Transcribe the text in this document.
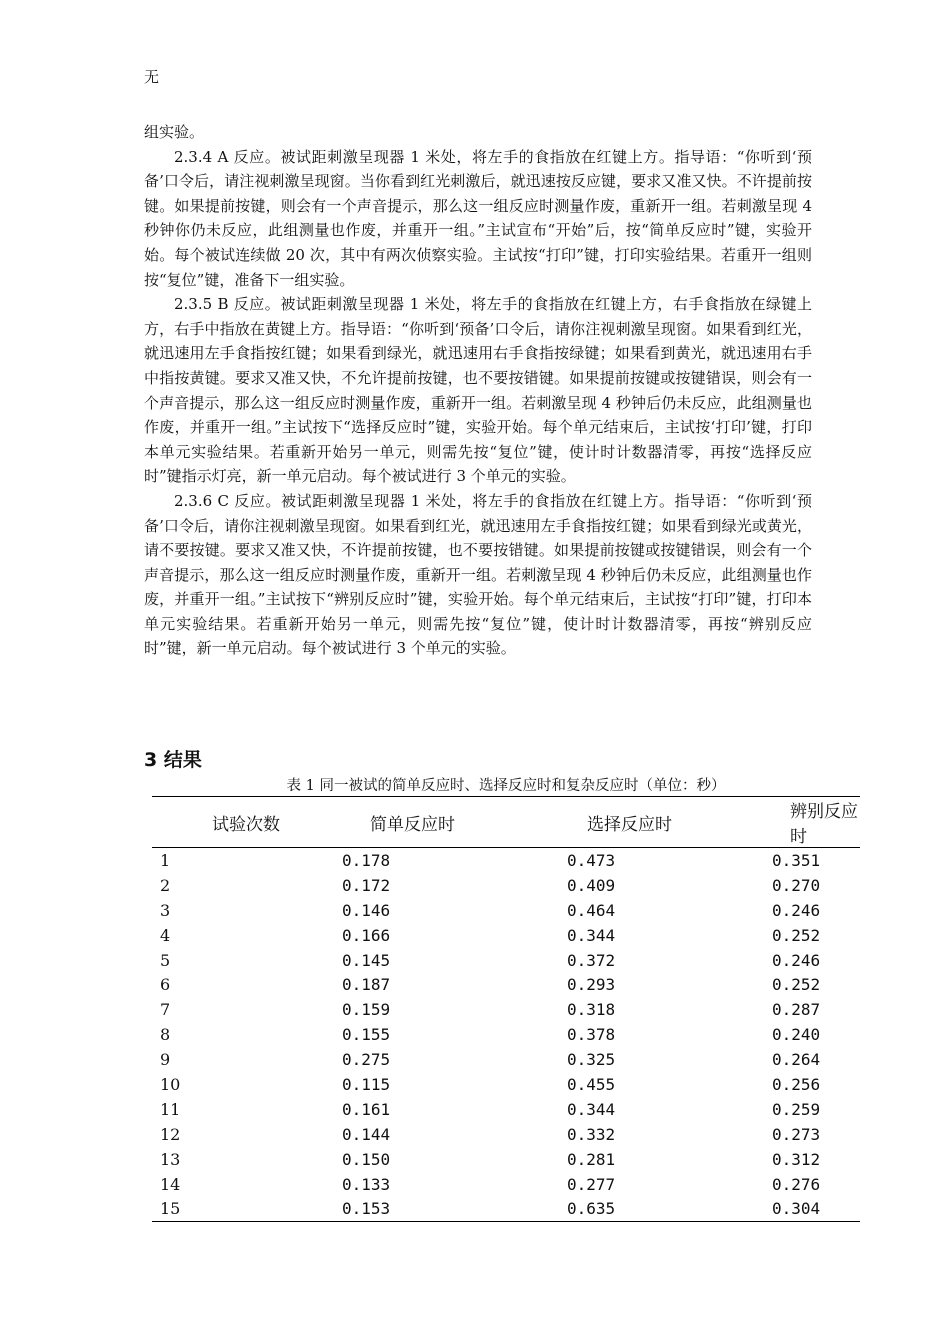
无

组实验。

2.3.4 A 反应。被试距刺激呈现器 1 米处，将左手的食指放在红键上方。指导语：“你听到‘预备’口令后，请注视刺激呈现窗。当你看到红光刺激后，就迅速按反应键，要求又准又快。不许提前按键。如果提前按键，则会有一个声音提示，那么这一组反应时测量作废，重新开一组。若刺激呈现 4 秒钟你仍未反应，此组测量也作废，并重开一组。”主试宣布“开始”后，按“简单反应时”键，实验开始。每个被试连续做 20 次，其中有两次侦察实验。主试按“打印”键，打印实验结果。若重开一组则按“复位”键，准备下一组实验。

2.3.5 B 反应。被试距刺激呈现器 1 米处，将左手的食指放在红键上方，右手食指放在绿键上方，右手中指放在黄键上方。指导语：“你听到‘预备’口令后，请你注视刺激呈现窗。如果看到红光，就迅速用左手食指按红键；如果看到绿光，就迅速用右手食指按绿键；如果看到黄光，就迅速用右手中指按黄键。要求又准又快，不允许提前按键，也不要按错键。如果提前按键或按键错误，则会有一个声音提示，那么这一组反应时测量作废，重新开一组。若刺激呈现 4 秒钟后仍未反应，此组测量也作废，并重开一组。”主试按下“选择反应时”键，实验开始。每个单元结束后，主试按‘打印’键，打印本单元实验结果。若重新开始另一单元，则需先按“复位”键，使计时计数器清零，再按“选择反应时”键指示灯亮，新一单元启动。每个被试进行 3 个单元的实验。

2.3.6 C 反应。被试距刺激呈现器 1 米处，将左手的食指放在红键上方。指导语：“你听到‘预备’口令后，请你注视刺激呈现窗。如果看到红光，就迅速用左手食指按红键；如果看到绿光或黄光，请不要按键。要求又准又快，不许提前按键，也不要按错键。如果提前按键或按键错误，则会有一个声音提示，那么这一组反应时测量作废，重新开一组。若刺激呈现 4 秒钟后仍未反应，此组测量也作废，并重开一组。”主试按下“辨别反应时”键，实验开始。每个单元结束后，主试按“打印”键，打印本单元实验结果。若重新开始另一单元，则需先按“复位”键，使计时计数器清零，再按“辨别反应时”键，新一单元启动。每个被试进行 3 个单元的实验。

3 结果
表 1 同一被试的简单反应时、选择反应时和复杂反应时（单位：秒）
试验次数	简单反应时	选择反应时	辨别反应时
1	0.178	0.473	0.351
2	0.172	0.409	0.270
3	0.146	0.464	0.246
4	0.166	0.344	0.252
5	0.145	0.372	0.246
6	0.187	0.293	0.252
7	0.159	0.318	0.287
8	0.155	0.378	0.240
9	0.275	0.325	0.264
10	0.115	0.455	0.256
11	0.161	0.344	0.259
12	0.144	0.332	0.273
13	0.150	0.281	0.312
14	0.133	0.277	0.276
15	0.153	0.635	0.304
